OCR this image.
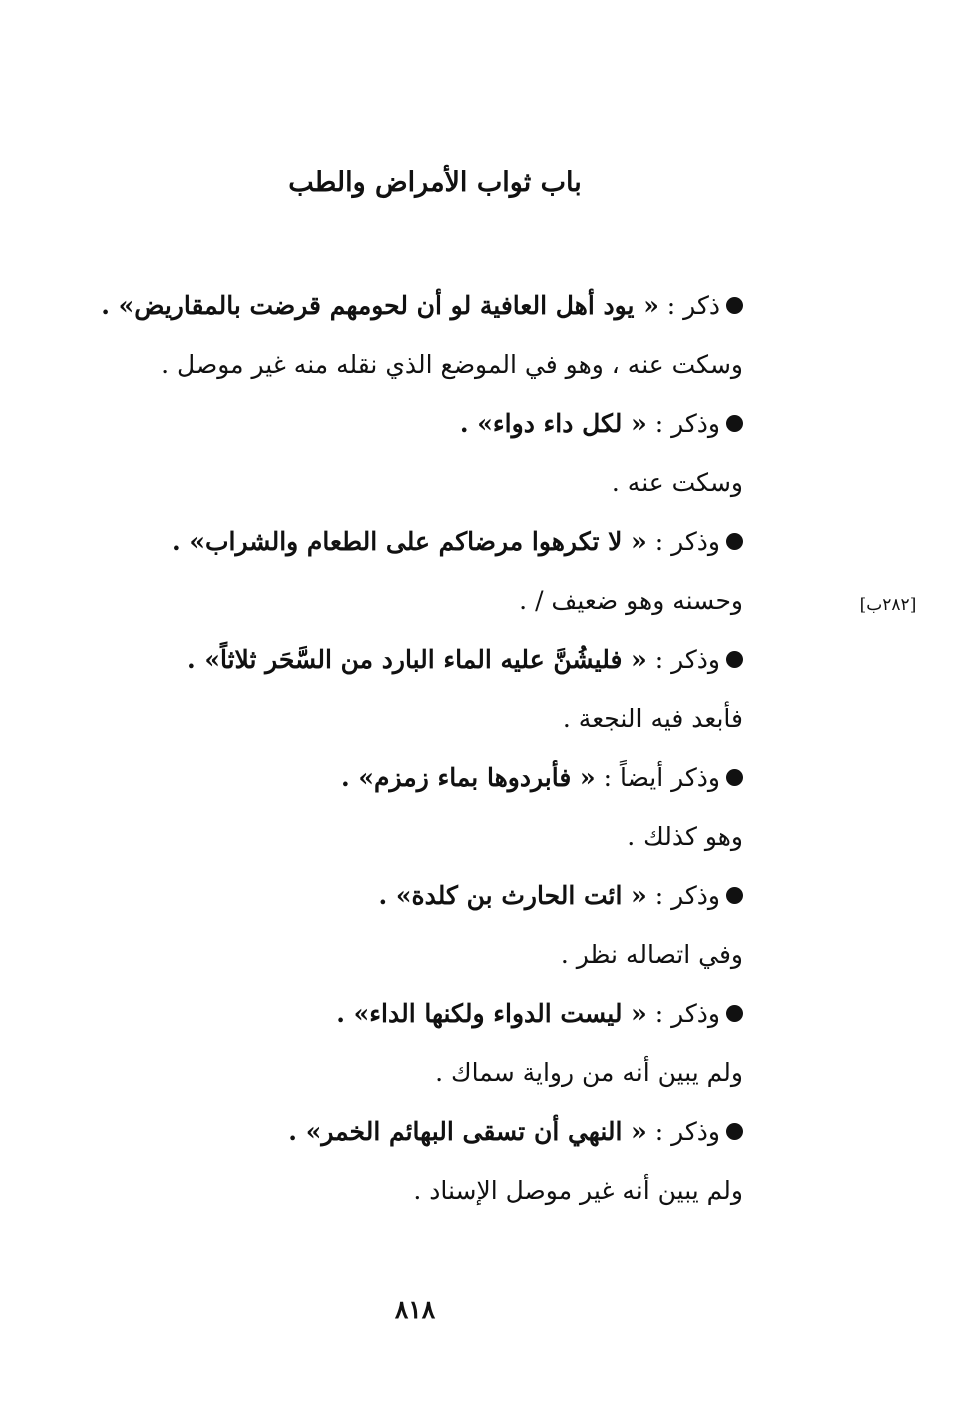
باب ثواب الأمراض والطب
[٢٨٢ب]
ذكر : « يود أهل العافية لو أن لحومهم قرضت بالمقاريض» .
وسكت عنه ، وهو في الموضع الذي نقله منه غير موصل .
وذكر : « لكل داء دواء» .
وسكت عنه .
وذكر : « لا تكرهوا مرضاكم على الطعام والشراب» .
وحسنه وهو ضعيف / .
وذكر : « فليشُنَّ عليه الماء البارد من السَّحَر ثلاثاً» .
فأبعد فيه النجعة .
وذكر أيضاً : « فأبردوها بماء زمزم» .
وهو كذلك .
وذكر : « ائت الحارث بن كلدة» .
وفي اتصاله نظر .
وذكر : « ليست الدواء ولكنها الداء» .
ولم يبين أنه من رواية سماك .
وذكر : « النهي أن تسقى البهائم الخمر» .
ولم يبين أنه غير موصل الإسناد .
٨١٨
